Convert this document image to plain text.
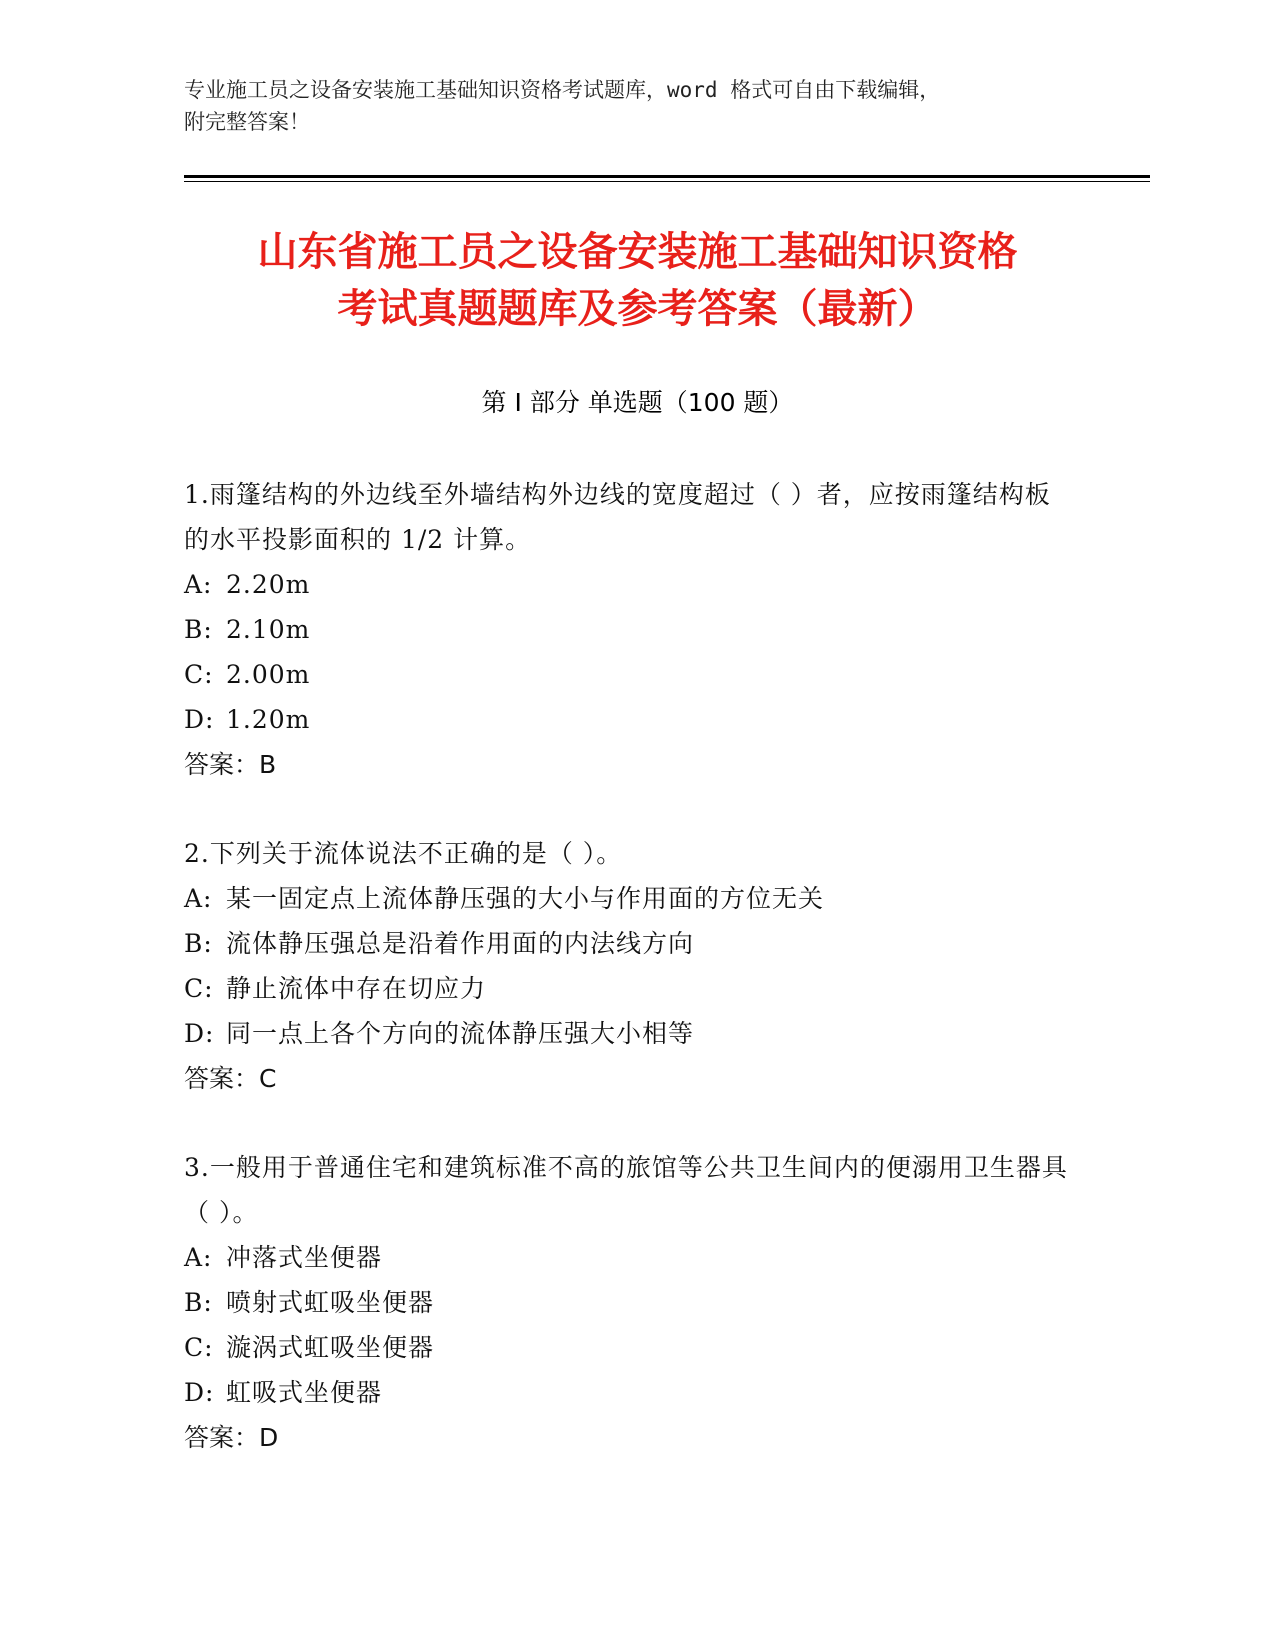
专业施工员之设备安装施工基础知识资格考试题库，word 格式可自由下载编辑，
附完整答案！
山东省施工员之设备安装施工基础知识资格
考试真题题库及参考答案（最新）
第 I 部分 单选题（100 题）

1.雨篷结构的外边线至外墙结构外边线的宽度超过（ ）者，应按雨篷结构板的水平投影面积的 1/2 计算。

A: 2.20m

B: 2.10m

C: 2.00m

D: 1.20m

答案：B

2.下列关于流体说法不正确的是（ ）。

A: 某一固定点上流体静压强的大小与作用面的方位无关

B: 流体静压强总是沿着作用面的内法线方向

C: 静止流体中存在切应力

D: 同一点上各个方向的流体静压强大小相等

答案：C

3.一般用于普通住宅和建筑标准不高的旅馆等公共卫生间内的便溺用卫生器具（ ）。

A: 冲落式坐便器

B: 喷射式虹吸坐便器

C: 漩涡式虹吸坐便器

D: 虹吸式坐便器

答案：D
